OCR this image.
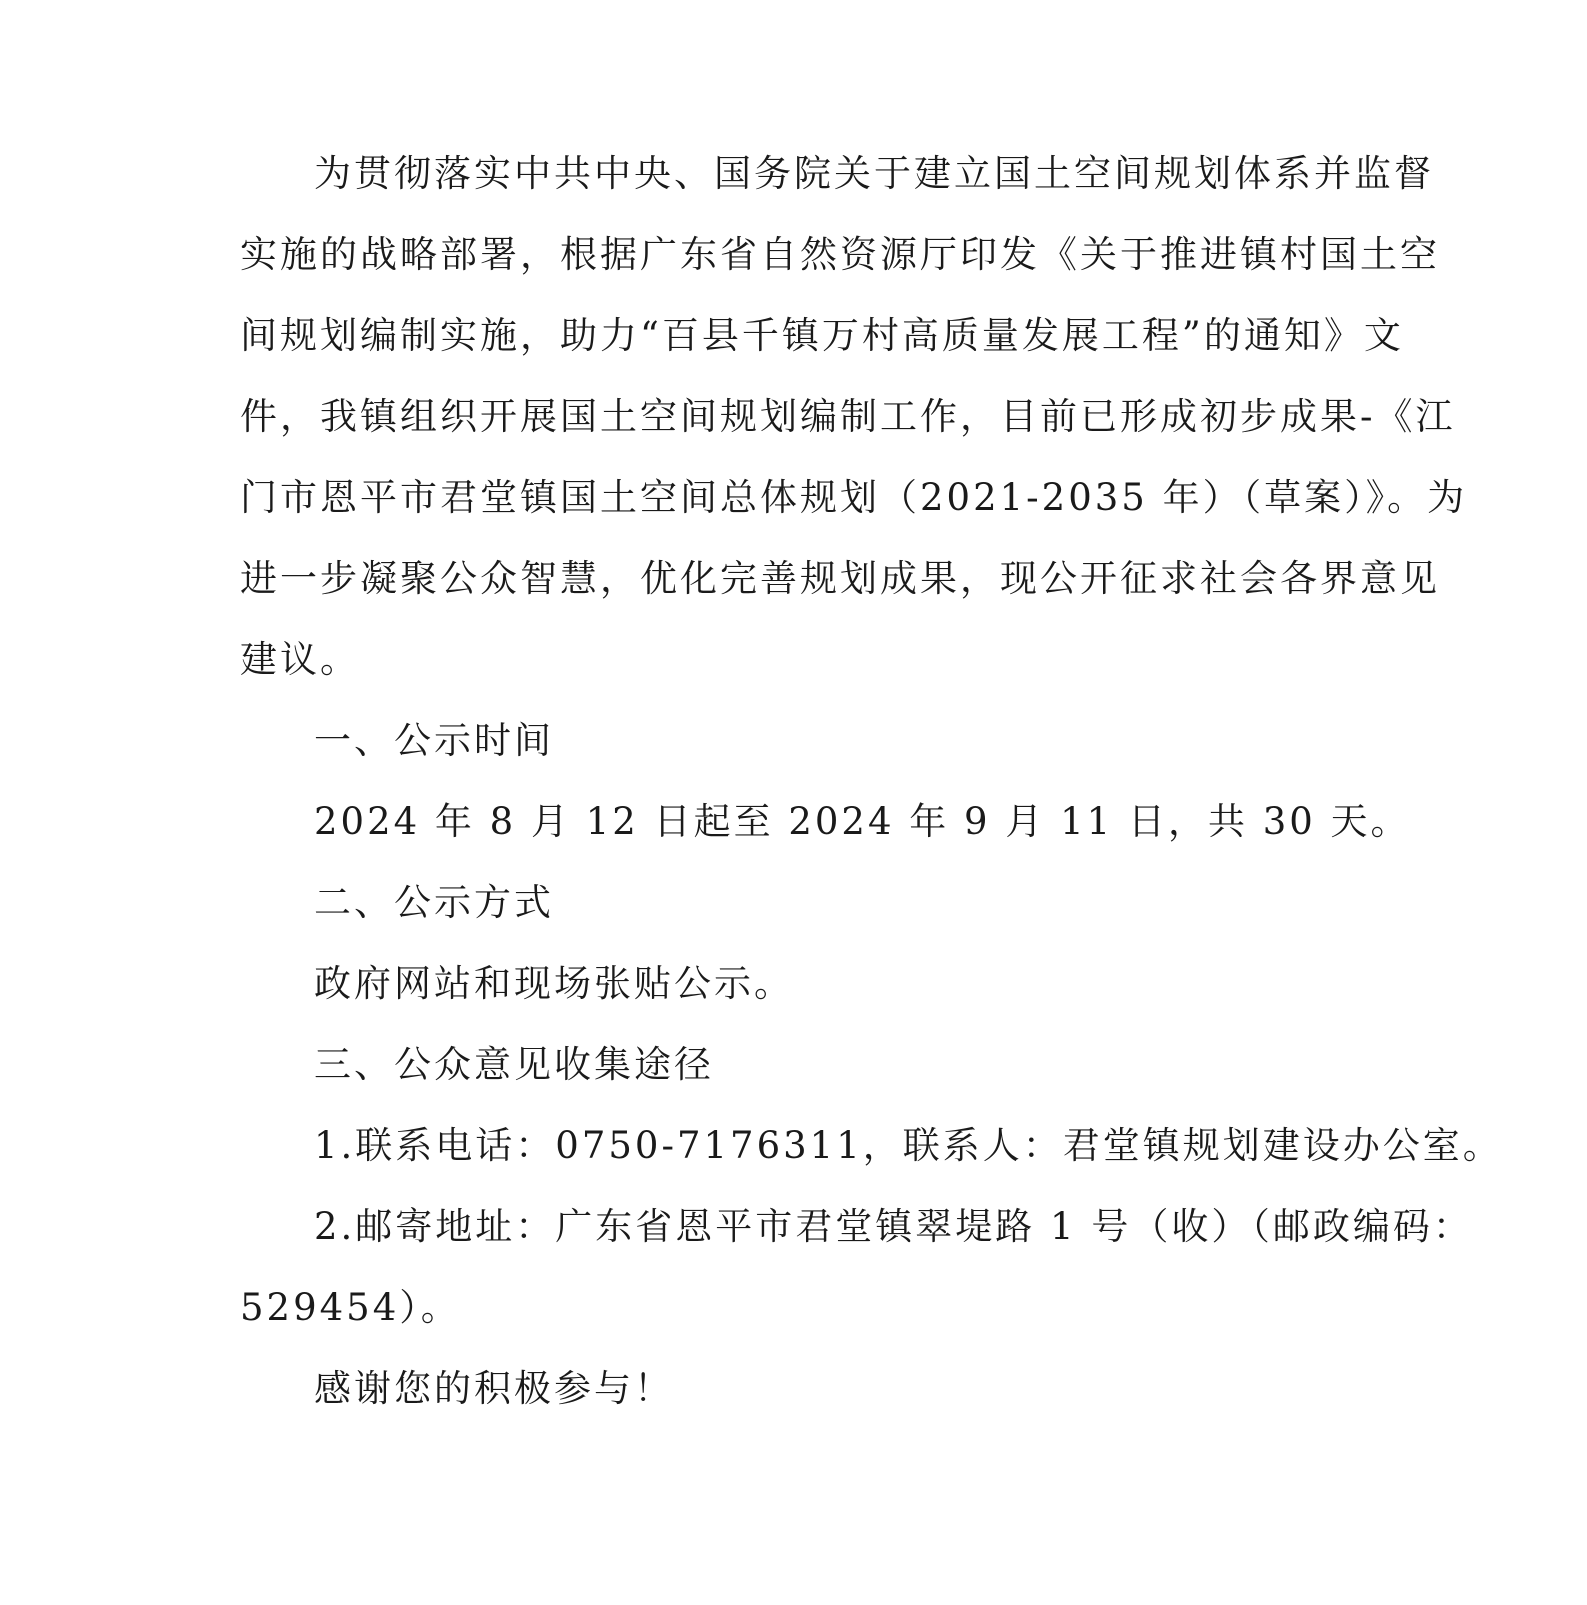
为贯彻落实中共中央、国务院关于建立国土空间规划体系并监督
实施的战略部署，根据广东省自然资源厅印发《关于推进镇村国土空
间规划编制实施，助力“百县千镇万村高质量发展工程”的通知》文
件，我镇组织开展国土空间规划编制工作，目前已形成初步成果-《江
门市恩平市君堂镇国土空间总体规划（2021-2035 年）（草案）》。为
进一步凝聚公众智慧，优化完善规划成果，现公开征求社会各界意见
建议。
一、公示时间
2024 年 8 月 12 日起至 2024 年 9 月 11 日，共 30 天。
二、公示方式
政府网站和现场张贴公示。
三、公众意见收集途径
1.联系电话：0750-7176311，联系人：君堂镇规划建设办公室。
2.邮寄地址：广东省恩平市君堂镇翠堤路 1 号（收）（邮政编码：
529454）。
感谢您的积极参与！
